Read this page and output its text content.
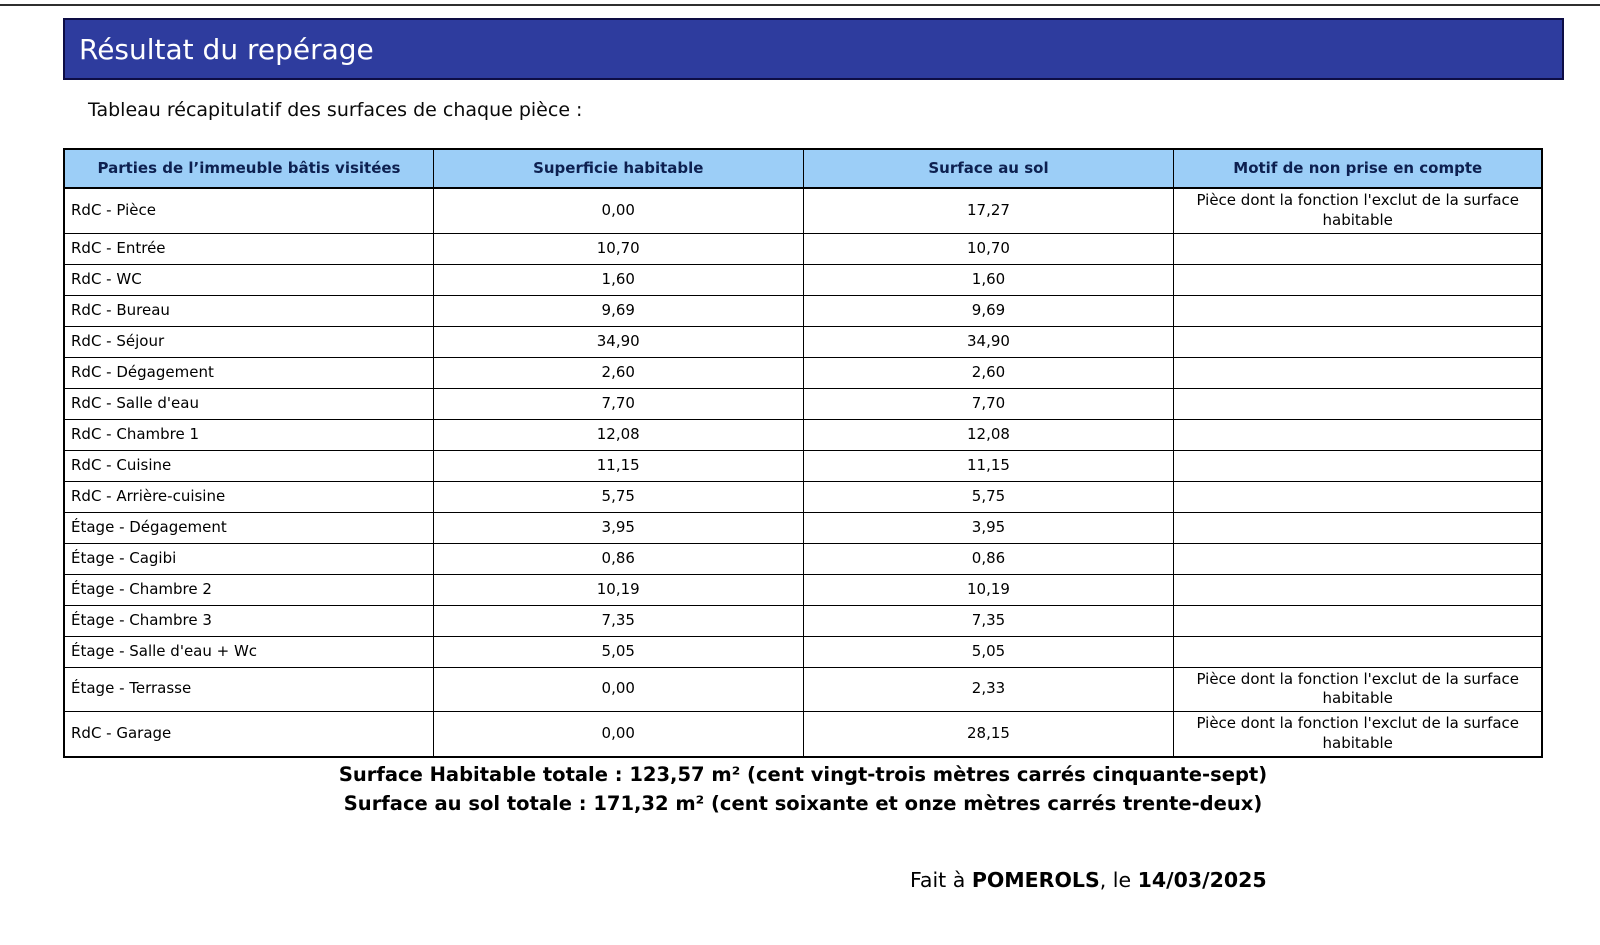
Résultat du repérage
Tableau récapitulatif des surfaces de chaque pièce :
Parties de l’immeuble bâtis visitées	Superficie habitable	Surface au sol	Motif de non prise en compte
RdC - Pièce	0,00	17,27	Pièce dont la fonction l'exclut de la surface habitable
RdC - Entrée	10,70	10,70	
RdC - WC	1,60	1,60	
RdC - Bureau	9,69	9,69	
RdC - Séjour	34,90	34,90	
RdC - Dégagement	2,60	2,60	
RdC - Salle d'eau	7,70	7,70	
RdC - Chambre 1	12,08	12,08	
RdC - Cuisine	11,15	11,15	
RdC - Arrière-cuisine	5,75	5,75	
Étage - Dégagement	3,95	3,95	
Étage - Cagibi	0,86	0,86	
Étage - Chambre 2	10,19	10,19	
Étage - Chambre 3	7,35	7,35	
Étage - Salle d'eau + Wc	5,05	5,05	
Étage - Terrasse	0,00	2,33	Pièce dont la fonction l'exclut de la surface habitable
RdC - Garage	0,00	28,15	Pièce dont la fonction l'exclut de la surface habitable
Surface Habitable totale : 123,57 m² (cent vingt-trois mètres carrés cinquante-sept)
Surface au sol totale : 171,32 m² (cent soixante et onze mètres carrés trente-deux)
Fait à POMEROLS, le 14/03/2025
